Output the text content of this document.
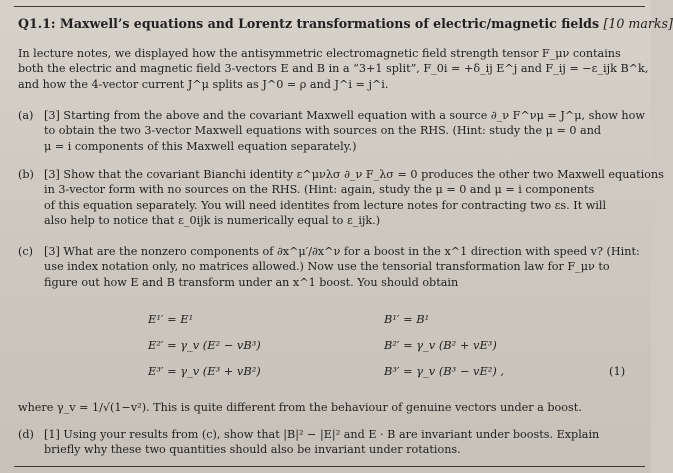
Q1.1: Maxwell’s equations and Lorentz transformations of electric/magnetic fields [10 marks]
In lecture notes, we displayed how the antisymmetric electromagnetic field strength tensor F_μν contains
both the electric and magnetic field 3-vectors E and B in a “3+1 split”, F_0i = +δ_ij E^j and F_ij = −ε_ijk B^k,
and how the 4-vector current J^μ splits as J^0 = ρ and J^i = j^i.
(a) [3] Starting from the above and the covariant Maxwell equation with a source ∂_ν F^νμ = J^μ, show how
to obtain the two 3-vector Maxwell equations with sources on the RHS. (Hint: study the μ = 0 and
μ = i components of this Maxwell equation separately.)
(b) [3] Show that the covariant Bianchi identity ε^μνλσ ∂_ν F_λσ = 0 produces the other two Maxwell equations
in 3-vector form with no sources on the RHS. (Hint: again, study the μ = 0 and μ = i components
of this equation separately. You will need identites from lecture notes for contracting two εs. It will
also help to notice that ε_0ijk is numerically equal to ε_ijk.)
(c) [3] What are the nonzero components of ∂x^μ′/∂x^ν for a boost in the x^1 direction with speed v? (Hint:
use index notation only, no matrices allowed.) Now use the tensorial transformation law for F_μν to
figure out how E and B transform under an x^1 boost. You should obtain
E¹′ = E¹
E²′ = γ_v (E² − vB³)
E³′ = γ_v (E³ + vB²)
B¹′ = B¹
B²′ = γ_v (B² + vE³)
B³′ = γ_v (B³ − vE²) ,	(1)
where γ_v = 1/√(1−v²). This is quite different from the behaviour of genuine vectors under a boost.
(d) [1] Using your results from (c), show that |B|² − |E|² and E · B are invariant under boosts. Explain
briefly why these two quantities should also be invariant under rotations.
